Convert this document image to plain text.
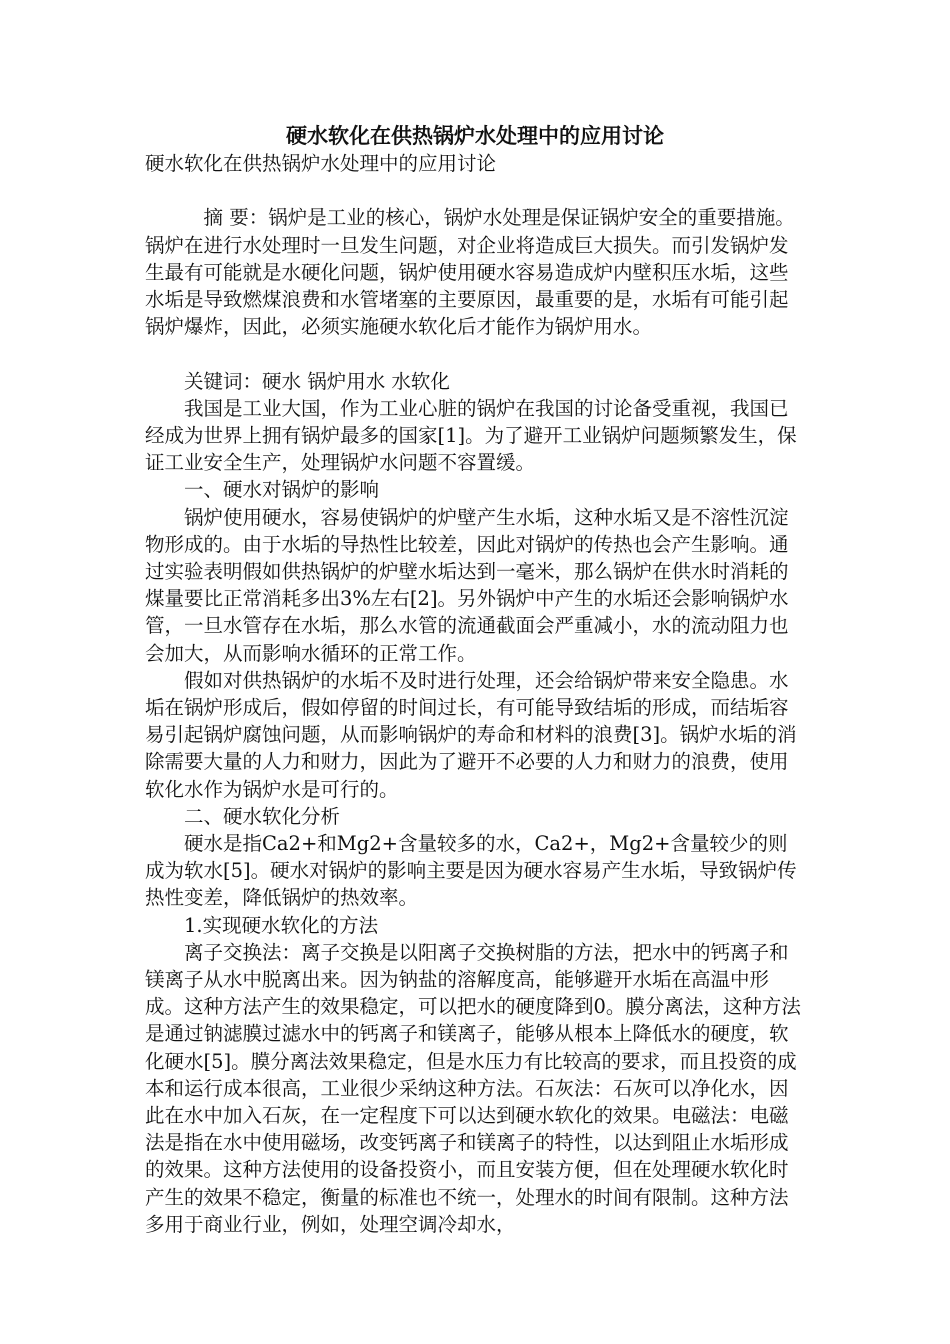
硬水软化在供热锅炉水处理中的应用讨论

硬水软化在供热锅炉水处理中的应用讨论

摘 要：锅炉是工业的核心，锅炉水处理是保证锅炉安全的重要措施。锅炉在进行水处理时一旦发生问题，对企业将造成巨大损失。而引发锅炉发生最有可能就是水硬化问题，锅炉使用硬水容易造成炉内壁积压水垢，这些水垢是导致燃煤浪费和水管堵塞的主要原因，最重要的是，水垢有可能引起锅炉爆炸，因此，必须实施硬水软化后才能作为锅炉用水。

关键词：硬水 锅炉用水 水软化

我国是工业大国，作为工业心脏的锅炉在我国的讨论备受重视，我国已经成为世界上拥有锅炉最多的国家[1]。为了避开工业锅炉问题频繁发生，保证工业安全生产，处理锅炉水问题不容置缓。

一、硬水对锅炉的影响

锅炉使用硬水，容易使锅炉的炉壁产生水垢，这种水垢又是不溶性沉淀物形成的。由于水垢的导热性比较差，因此对锅炉的传热也会产生影响。通过实验表明假如供热锅炉的炉壁水垢达到一毫米，那么锅炉在供水时消耗的煤量要比正常消耗多出3%左右[2]。另外锅炉中产生的水垢还会影响锅炉水管，一旦水管存在水垢，那么水管的流通截面会严重减小，水的流动阻力也会加大，从而影响水循环的正常工作。

假如对供热锅炉的水垢不及时进行处理，还会给锅炉带来安全隐患。水垢在锅炉形成后，假如停留的时间过长，有可能导致结垢的形成，而结垢容易引起锅炉腐蚀问题，从而影响锅炉的寿命和材料的浪费[3]。锅炉水垢的消除需要大量的人力和财力，因此为了避开不必要的人力和财力的浪费，使用软化水作为锅炉水是可行的。

二、硬水软化分析

硬水是指Ca2+和Mg2+含量较多的水，Ca2+，Mg2+含量较少的则成为软水[5]。硬水对锅炉的影响主要是因为硬水容易产生水垢，导致锅炉传热性变差，降低锅炉的热效率。

1.实现硬水软化的方法

离子交换法：离子交换是以阳离子交换树脂的方法，把水中的钙离子和镁离子从水中脱离出来。因为钠盐的溶解度高，能够避开水垢在高温中形成。这种方法产生的效果稳定，可以把水的硬度降到0。膜分离法，这种方法是通过钠滤膜过滤水中的钙离子和镁离子，能够从根本上降低水的硬度，软化硬水[5]。膜分离法效果稳定，但是水压力有比较高的要求，而且投资的成本和运行成本很高，工业很少采纳这种方法。石灰法：石灰可以净化水，因此在水中加入石灰，在一定程度下可以达到硬水软化的效果。电磁法：电磁法是指在水中使用磁场，改变钙离子和镁离子的特性，以达到阻止水垢形成的效果。这种方法使用的设备投资小，而且安装方便，但在处理硬水软化时产生的效果不稳定，衡量的标准也不统一，处理水的时间有限制。这种方法多用于商业行业，例如，处理空调冷却水，
